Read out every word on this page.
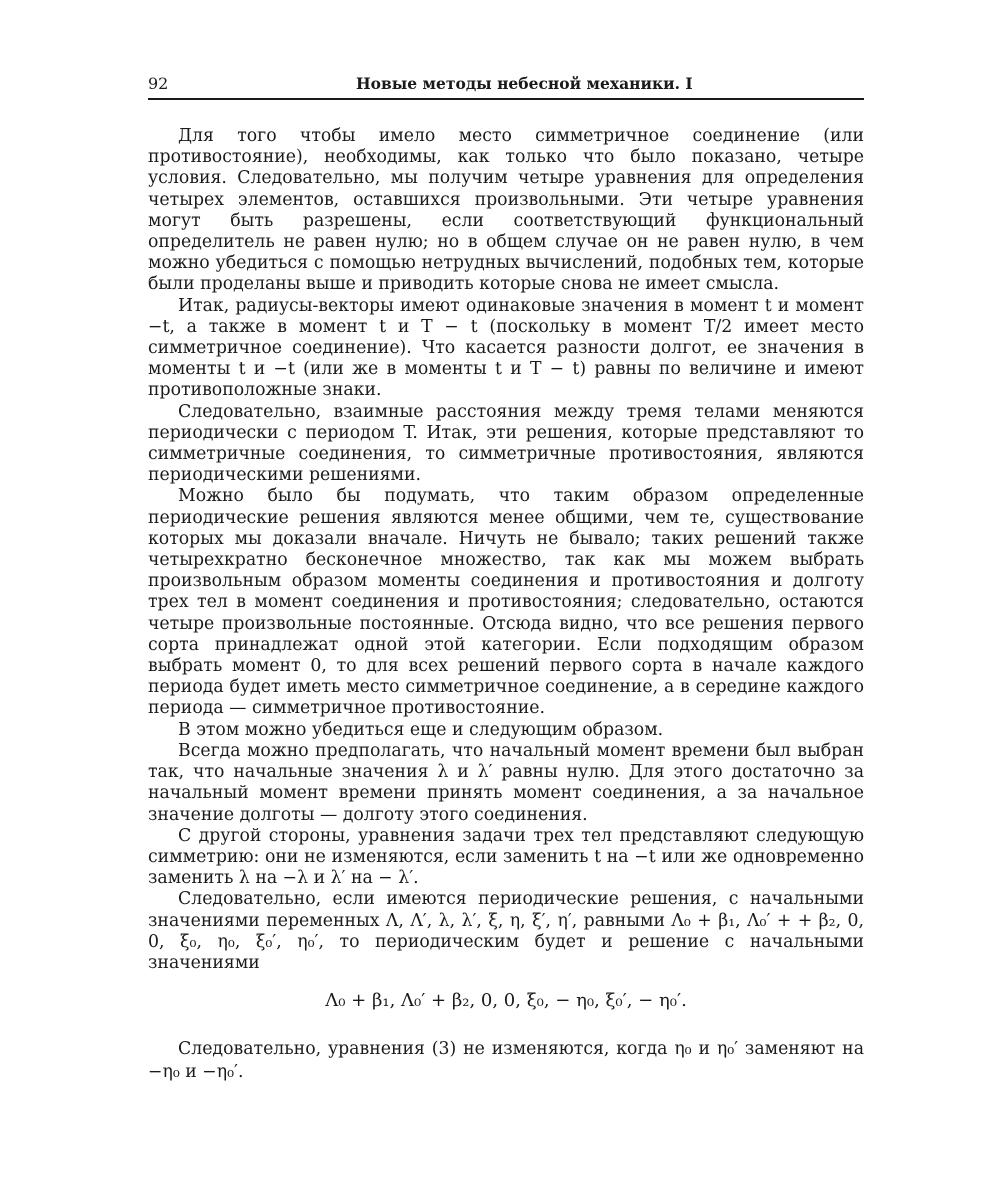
92	Новые методы небесной механики. I

Для того чтобы имело место симметричное соединение (или противостояние), необходимы, как только что было показано, четыре условия. Следовательно, мы получим четыре уравнения для определения четырех элементов, оставшихся произвольными. Эти четыре уравнения могут быть разрешены, если соответствующий функциональный определитель не равен нулю; но в общем случае он не равен нулю, в чем можно убедиться с помощью нетрудных вычислений, подобных тем, которые были проделаны выше и приводить которые снова не имеет смысла.

Итак, радиусы-векторы имеют одинаковые значения в момент t и момент −t, а также в момент t и T − t (поскольку в момент T/2 имеет место симметричное соединение). Что касается разности долгот, ее значения в моменты t и −t (или же в моменты t и T − t) равны по величине и имеют противоположные знаки.

Следовательно, взаимные расстояния между тремя телами меняются периодически с периодом T. Итак, эти решения, которые представляют то симметричные соединения, то симметричные противостояния, являются периодическими решениями.

Можно было бы подумать, что таким образом определенные периодические решения являются менее общими, чем те, существование которых мы доказали вначале. Ничуть не бывало; таких решений также четырехкратно бесконечное множество, так как мы можем выбрать произвольным образом моменты соединения и противостояния и долготу трех тел в момент соединения и противостояния; следовательно, остаются четыре произвольные постоянные. Отсюда видно, что все решения первого сорта принадлежат одной этой категории. Если подходящим образом выбрать момент 0, то для всех решений первого сорта в начале каждого периода будет иметь место симметричное соединение, а в середине каждого периода — симметричное противостояние.

В этом можно убедиться еще и следующим образом.

Всегда можно предполагать, что начальный момент времени был выбран так, что начальные значения λ и λ′ равны нулю. Для этого достаточно за начальный момент времени принять момент соединения, а за начальное значение долготы — долготу этого соединения.

С другой стороны, уравнения задачи трех тел представляют следующую симметрию: они не изменяются, если заменить t на −t или же одновременно заменить λ на −λ и λ′ на − λ′.

Следовательно, если имеются периодические решения, с начальными значениями переменных Λ, Λ′, λ, λ′, ξ, η, ξ′, η′, равными Λ₀ + β₁, Λ₀′ + + β₂, 0, 0, ξ₀, η₀, ξ₀′, η₀′, то периодическим будет и решение с начальными значениями

Λ₀ + β₁, Λ₀′ + β₂, 0, 0, ξ₀, − η₀, ξ₀′, − η₀′.
Следовательно, уравнения (3) не изменяются, когда η₀ и η₀′ заменяют на −η₀ и −η₀′.
